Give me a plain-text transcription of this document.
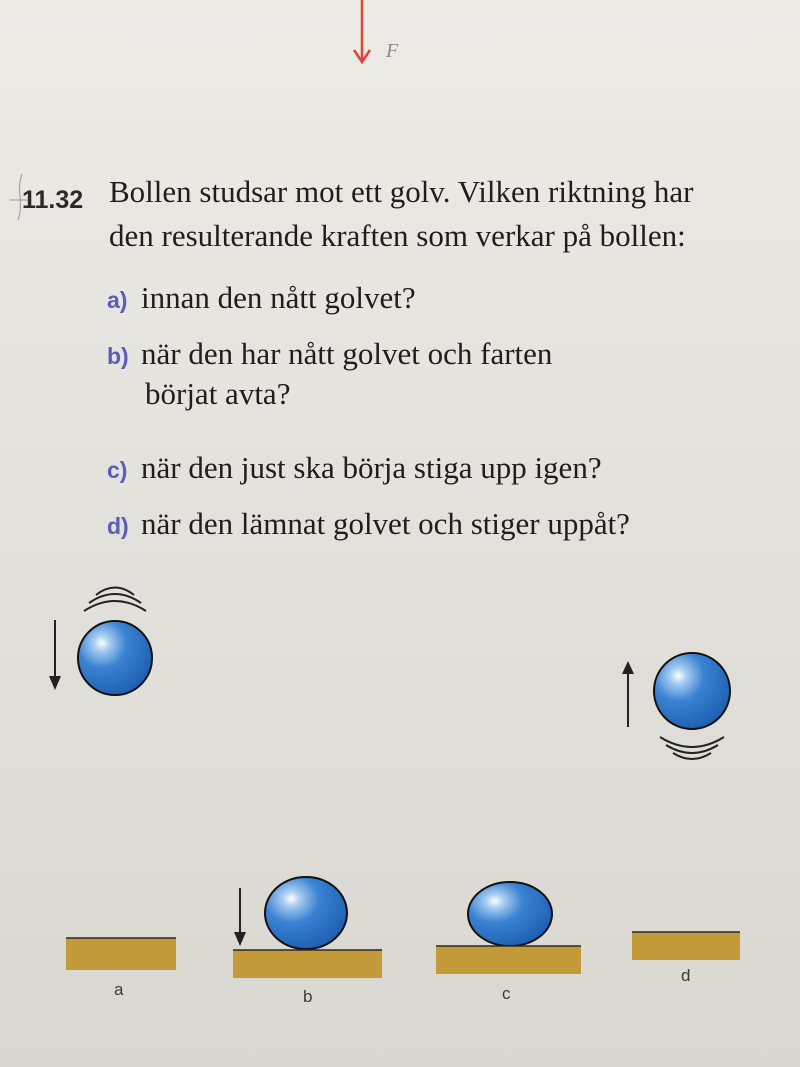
F
11.32 Bollen studsar mot ett golv. Vilken riktning har
den resulterande kraften som verkar på bollen:
a) innan den nått golvet?
b) när den har nått golvet och farten
börjat avta?
c) när den just ska börja stiga upp igen?
d) när den lämnat golvet och stiger uppåt?
a	b	c
d
